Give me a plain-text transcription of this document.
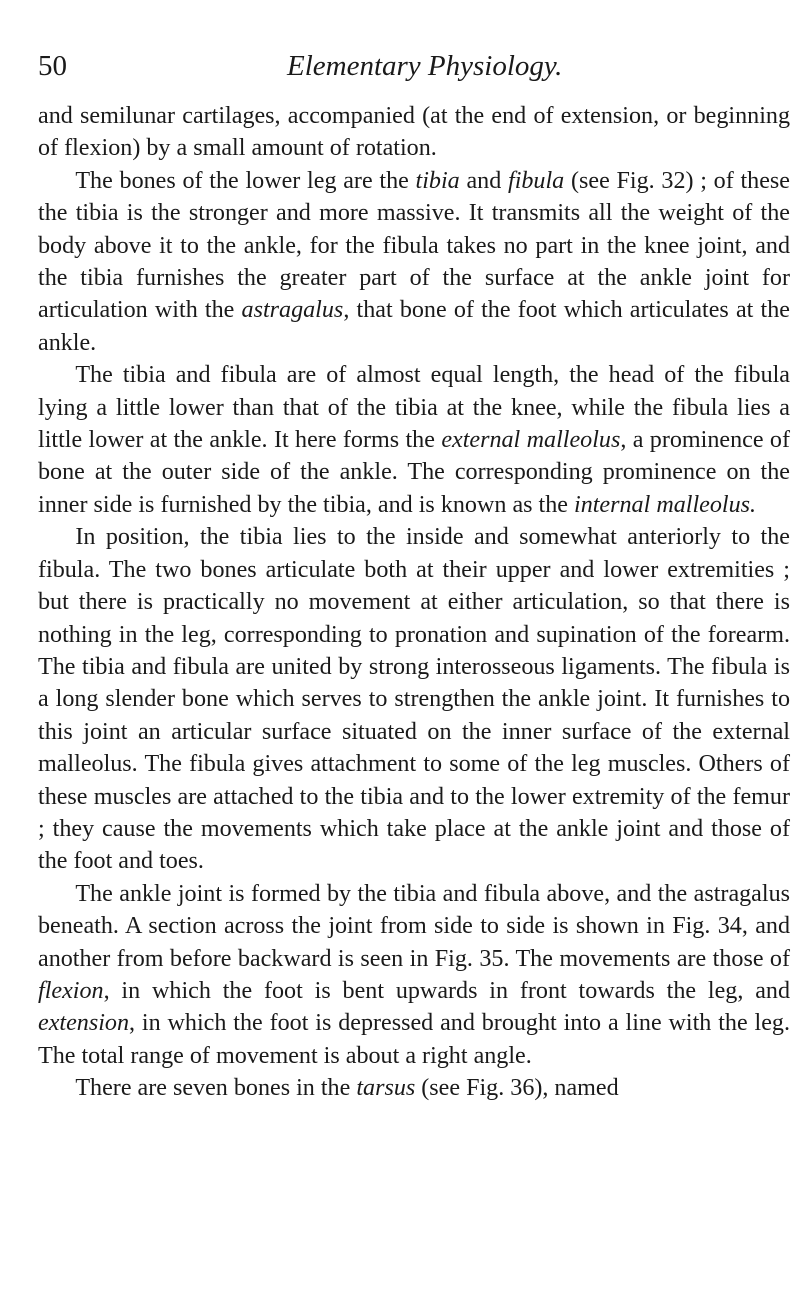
50	Elementary Physiology.

and semilunar cartilages, accompanied (at the end of extension, or beginning of flexion) by a small amount of rotation.

The bones of the lower leg are the tibia and fibula (see Fig. 32) ; of these the tibia is the stronger and more massive. It transmits all the weight of the body above it to the ankle, for the fibula takes no part in the knee joint, and the tibia furnishes the greater part of the surface at the ankle joint for articulation with the astragalus, that bone of the foot which articulates at the ankle.

The tibia and fibula are of almost equal length, the head of the fibula lying a little lower than that of the tibia at the knee, while the fibula lies a little lower at the ankle. It here forms the external malleolus, a prominence of bone at the outer side of the ankle. The corresponding prominence on the inner side is furnished by the tibia, and is known as the internal malleolus.

In position, the tibia lies to the inside and somewhat anteriorly to the fibula. The two bones articulate both at their upper and lower extremities ; but there is practically no movement at either articulation, so that there is nothing in the leg, corresponding to pronation and supination of the forearm. The tibia and fibula are united by strong interosseous ligaments. The fibula is a long slender bone which serves to strengthen the ankle joint. It furnishes to this joint an articular surface situated on the inner surface of the external malleolus. The fibula gives attachment to some of the leg muscles. Others of these muscles are attached to the tibia and to the lower extremity of the femur ; they cause the movements which take place at the ankle joint and those of the foot and toes.

The ankle joint is formed by the tibia and fibula above, and the astragalus beneath. A section across the joint from side to side is shown in Fig. 34, and another from before backward is seen in Fig. 35. The movements are those of flexion, in which the foot is bent upwards in front towards the leg, and extension, in which the foot is depressed and brought into a line with the leg. The total range of movement is about a right angle.

There are seven bones in the tarsus (see Fig. 36), named
